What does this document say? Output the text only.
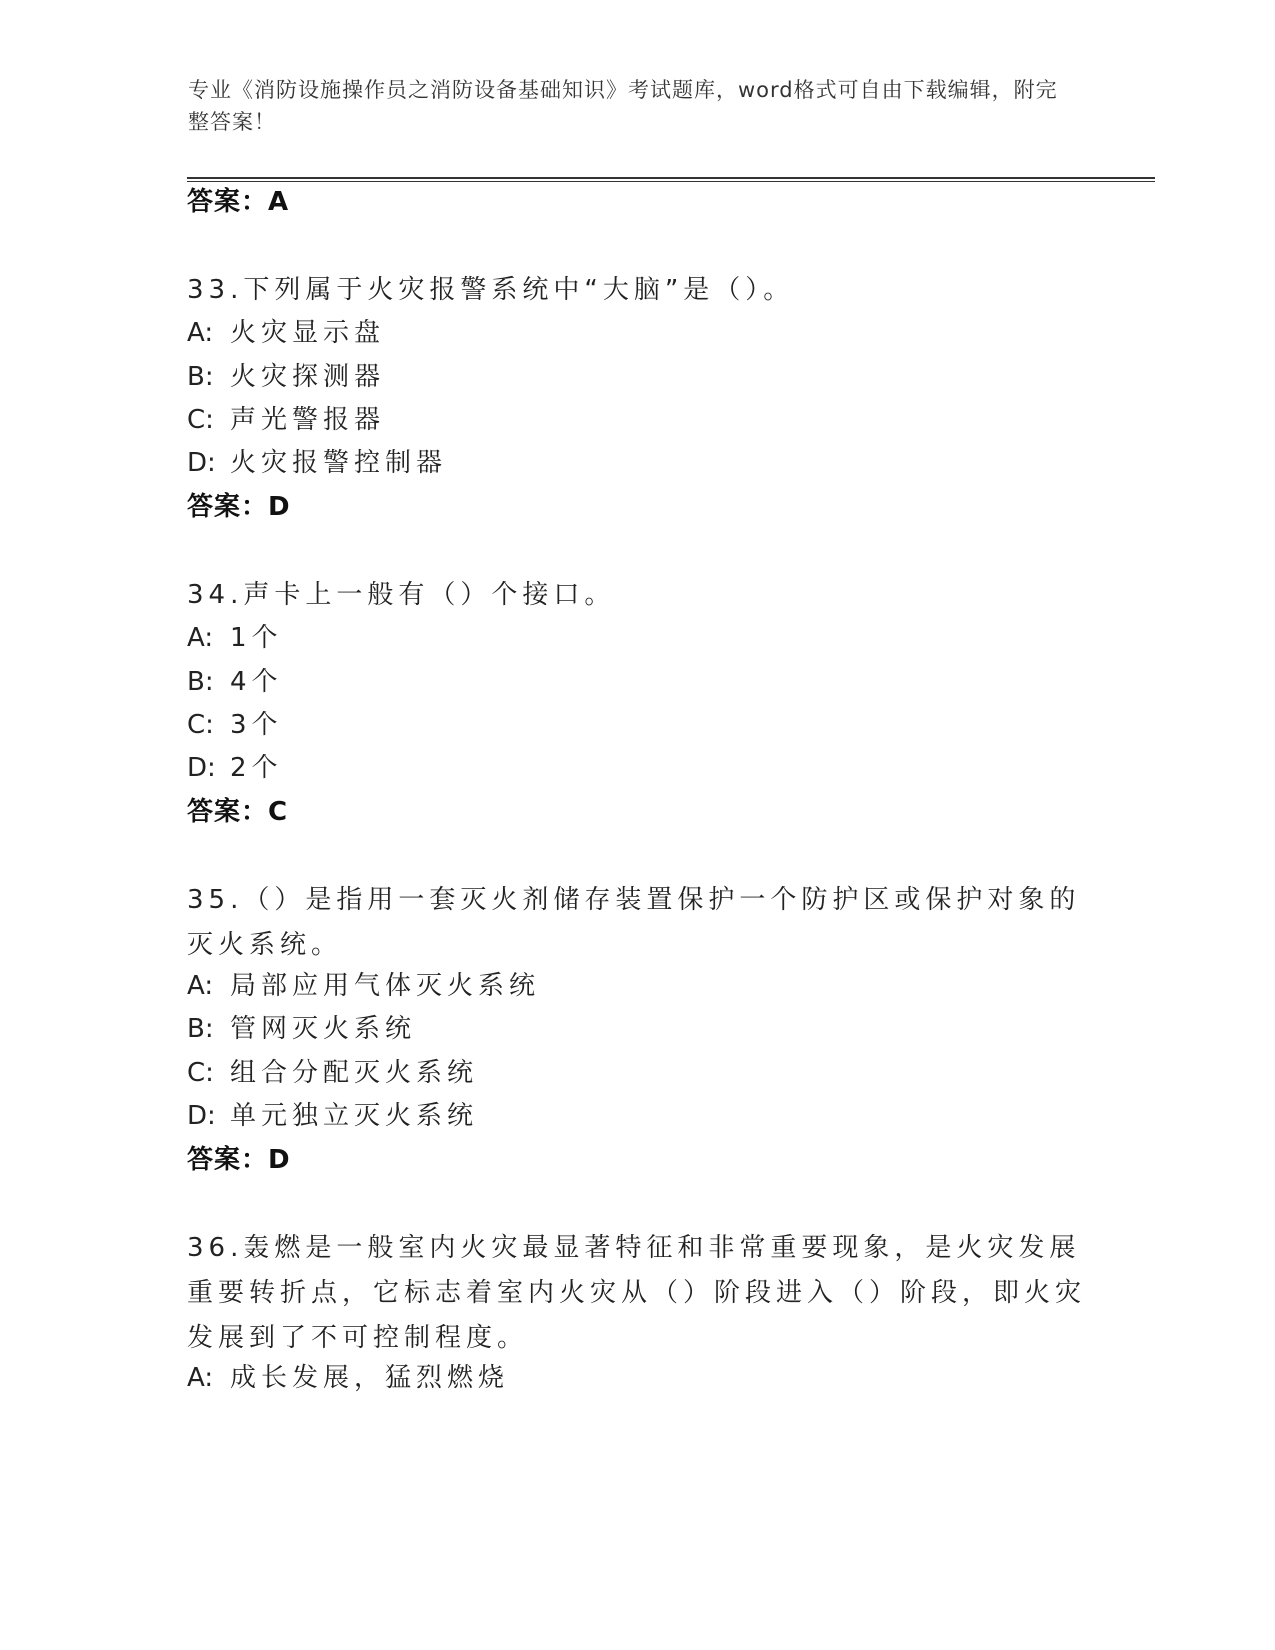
专业《消防设施操作员之消防设备基础知识》考试题库，word格式可自由下载编辑，附完整答案！
答案：A
33.下列属于火灾报警系统中“大脑”是（）。
A: 火灾显示盘
B: 火灾探测器
C: 声光警报器
D: 火灾报警控制器
答案：D
34.声卡上一般有（）个接口。
A: 1个
B: 4个
C: 3个
D: 2个
答案：C
35.（）是指用一套灭火剂储存装置保护一个防护区或保护对象的灭火系统。
A: 局部应用气体灭火系统
B: 管网灭火系统
C: 组合分配灭火系统
D: 单元独立灭火系统
答案：D
36.轰燃是一般室内火灾最显著特征和非常重要现象，是火灾发展重要转折点，它标志着室内火灾从（）阶段进入（）阶段，即火灾发展到了不可控制程度。
A: 成长发展，猛烈燃烧
